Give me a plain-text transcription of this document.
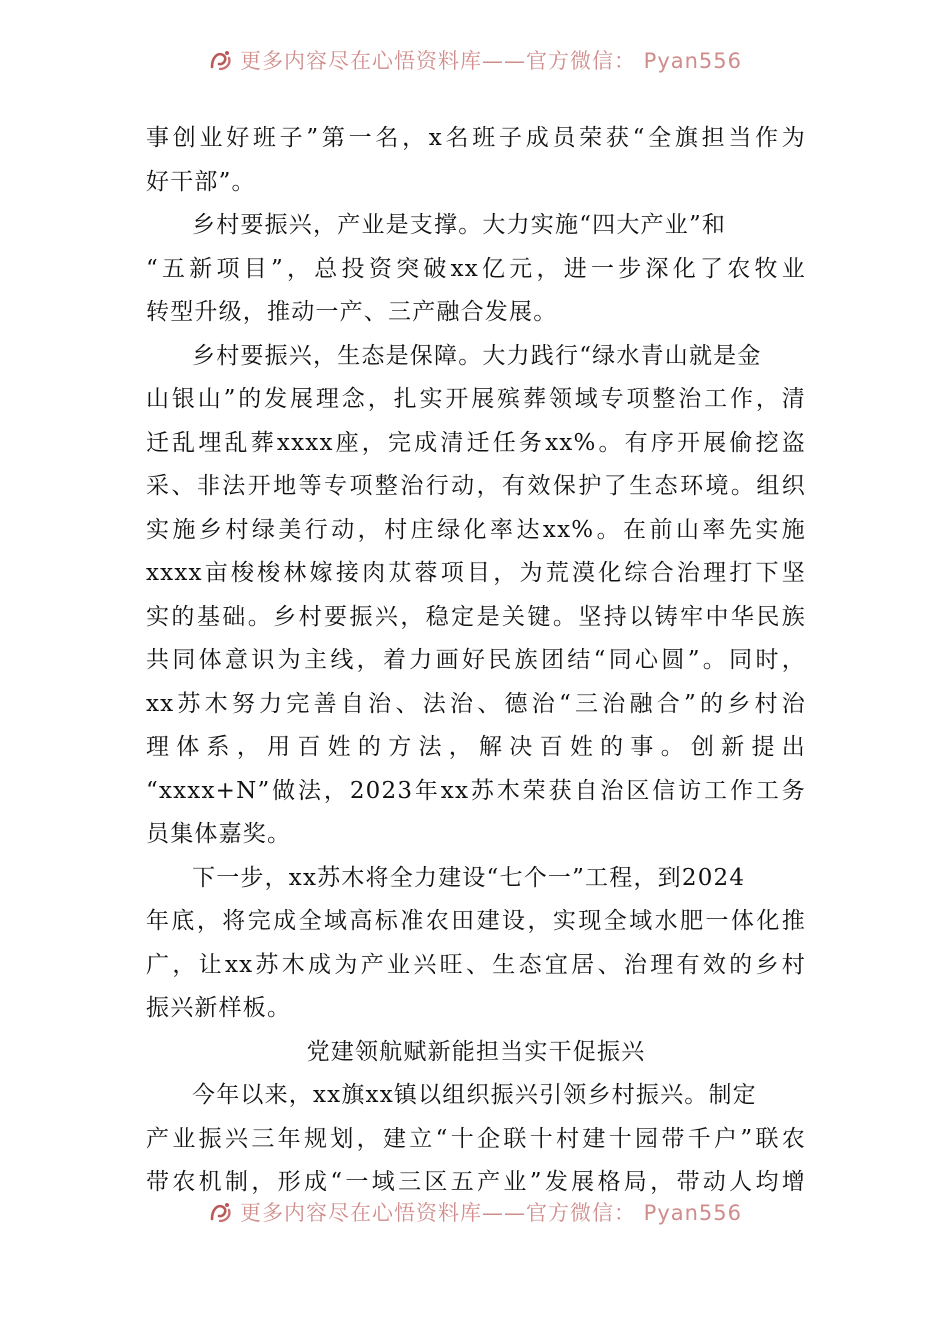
更多内容尽在心悟资料库——官方微信： Pyan556
事创业好班子”第一名，x名班子成员荣获“全旗担当作为
好干部”。
乡村要振兴，产业是支撑。大力实施“四大产业”和
“五新项目”，总投资突破xx亿元，进一步深化了农牧业
转型升级，推动一产、三产融合发展。
乡村要振兴，生态是保障。大力践行“绿水青山就是金
山银山”的发展理念，扎实开展殡葬领域专项整治工作，清
迁乱埋乱葬xxxx座，完成清迁任务xx%。有序开展偷挖盗
采、非法开地等专项整治行动，有效保护了生态环境。组织
实施乡村绿美行动，村庄绿化率达xx%。在前山率先实施
xxxx亩梭梭林嫁接肉苁蓉项目，为荒漠化综合治理打下坚
实的基础。乡村要振兴，稳定是关键。坚持以铸牢中华民族
共同体意识为主线，着力画好民族团结“同心圆”。同时，
xx苏木努力完善自治、法治、德治“三治融合”的乡村治
理体系，用百姓的方法，解决百姓的事。创新提出
“xxxx+N”做法，2023年xx苏木荣获自治区信访工作工务
员集体嘉奖。
下一步，xx苏木将全力建设“七个一”工程，到2024
年底，将完成全域高标准农田建设，实现全域水肥一体化推
广，让xx苏木成为产业兴旺、生态宜居、治理有效的乡村
振兴新样板。
党建领航赋新能担当实干促振兴
今年以来，xx旗xx镇以组织振兴引领乡村振兴。制定
产业振兴三年规划，建立“十企联十村建十园带千户”联农
带农机制，形成“一域三区五产业”发展格局，带动人均增
更多内容尽在心悟资料库——官方微信： Pyan556
